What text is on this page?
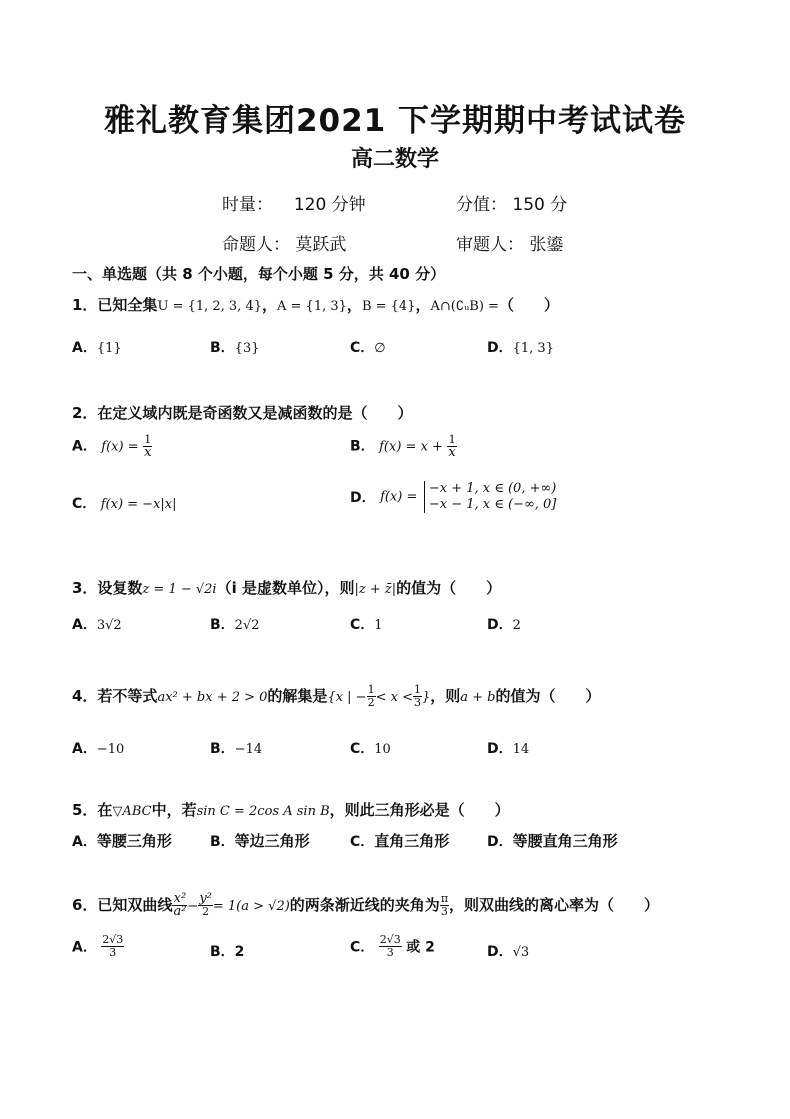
雅礼教育集团2021 下学期期中考试试卷
高二数学
时量： 120 分钟	分值： 150 分
命题人： 莫跃武	审题人： 张鎏
一、单选题（共 8 个小题，每个小题 5 分，共 40 分）
1．已知全集U = {1, 2, 3, 4}，A = {1, 3}，B = {4}，A∩(∁ᵤB) =（　　）
A．{1}	B．{3}	C．∅	D．{1, 3}
2．在定义域内既是奇函数又是减函数的是（　　）
A． $f(x) = \frac{1}{x}$	B． $f(x) = x + \frac{1}{x}$
C． f(x) = −x|x|	D． f(x) =
−x + 1, x ∈ (0, +∞)
−x − 1, x ∈ (−∞, 0]
3．设复数z = 1 − √2i（i 是虚数单位），则|z + z̄|的值为（　　）
A．3√2	B．2√2	C．1	D．2
4．若不等式ax² + bx + 2 > 0的解集是{x | − $\frac{1}{2} < x < \frac{1}{3}$ }，则a + b的值为（　　）
A．−10	B．−14	C．10	D．14
5．在▽ABC中，若sin C = 2cos A sin B，则此三角形必是（　　）
A．等腰三角形	B．等边三角形	C．直角三角形	D．等腰直角三角形
6．已知双曲线 $\frac{\text{x²}}{\text{a²}} - \frac{\text{y²}}{2} = 1(a > √2)$的两条渐近线的夹角为 $\frac{\pi}{3}$ ，则双曲线的离心率为（　　）
A． $\frac{2√3}{3}$	B．2	C． $\frac{2√3}{3}$ 或 2	D．√3
